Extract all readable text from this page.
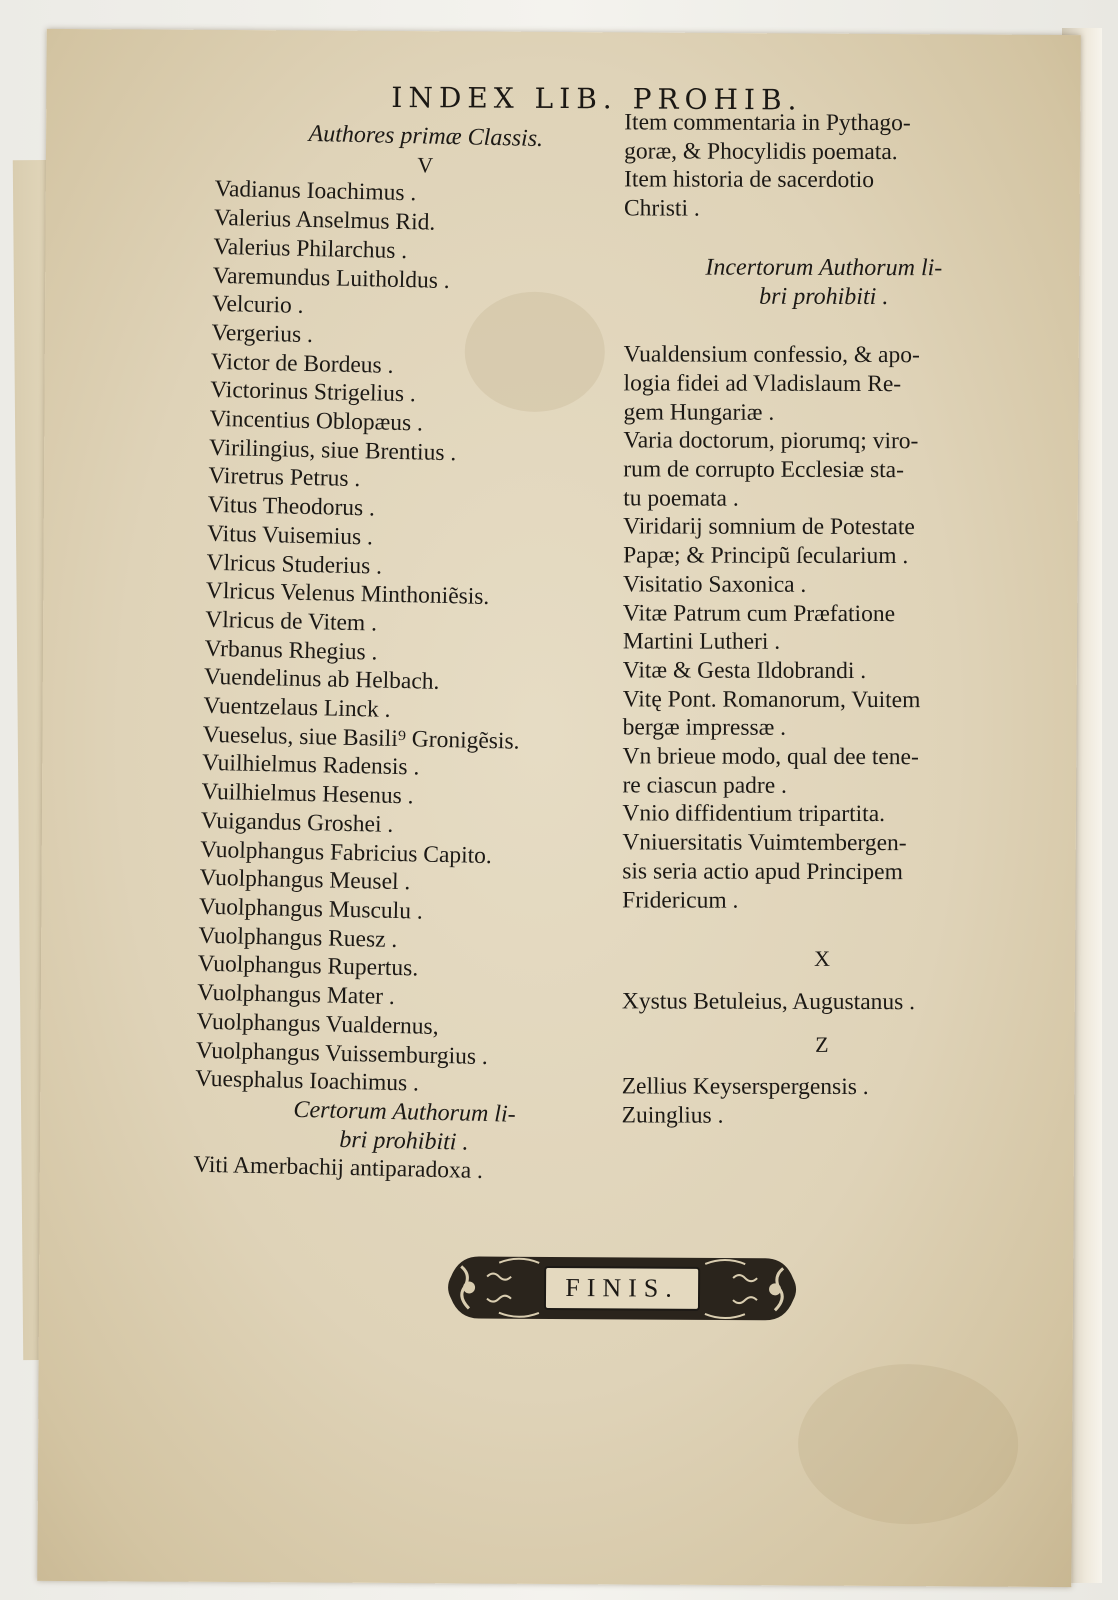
INDEX LIB. PROHIB.
Authores primæ Classis.
V
Vadianus Ioachimus .
Valerius Anselmus Rid.
Valerius Philarchus .
Varemundus Luitholdus .
Velcurio .
Vergerius .
Victor de Bordeus .
Victorinus Strigelius .
Vincentius Oblopæus .
Virilingius, siue Brentius .
Viretrus Petrus .
Vitus Theodorus .
Vitus Vuisemius .
Vlricus Studerius .
Vlricus Velenus Minthoniẽsis.
Vlricus de Vitem .
Vrbanus Rhegius .
Vuendelinus ab Helbach.
Vuentzelaus Linck .
Vueselus, siue Basili⁹ Gronigẽsis.
Vuilhielmus Radensis .
Vuilhielmus Hesenus .
Vuigandus Groshei .
Vuolphangus Fabricius Capito.
Vuolphangus Meusel .
Vuolphangus Musculu .
Vuolphangus Ruesz .
Vuolphangus Rupertus.
Vuolphangus Mater .
Vuolphangus Vualdernus,
Vuolphangus Vuissemburgius .
Vuesphalus Ioachimus .
Certorum Authorum li-
bri prohibiti .
Viti Amerbachij antiparadoxa .
Item commentaria in Pythago-
goræ, & Phocylidis poemata.
Item historia de sacerdotio
Christi .
Incertorum Authorum li-
bri prohibiti .
Vualdensium confessio, & apo-
logia fidei ad Vladislaum Re-
gem Hungariæ .
Varia doctorum, piorumq; viro-
rum de corrupto Ecclesiæ sta-
tu poemata .
Viridarij somnium de Potestate
Papæ; & Principũ ſecularium .
Visitatio Saxonica .
Vitæ Patrum cum Præfatione
Martini Lutheri .
Vitæ & Gesta Ildobrandi .
Vitę Pont. Romanorum, Vuitem
bergæ impressæ .
Vn brieue modo, qual dee tene-
re ciascun padre .
Vnio diffidentium tripartita.
Vniuersitatis Vuimtembergen-
sis seria actio apud Principem
Fridericum .
X
Xystus Betuleius, Augustanus .
Z
Zellius Keyserspergensis .
Zuinglius .
FINIS.
